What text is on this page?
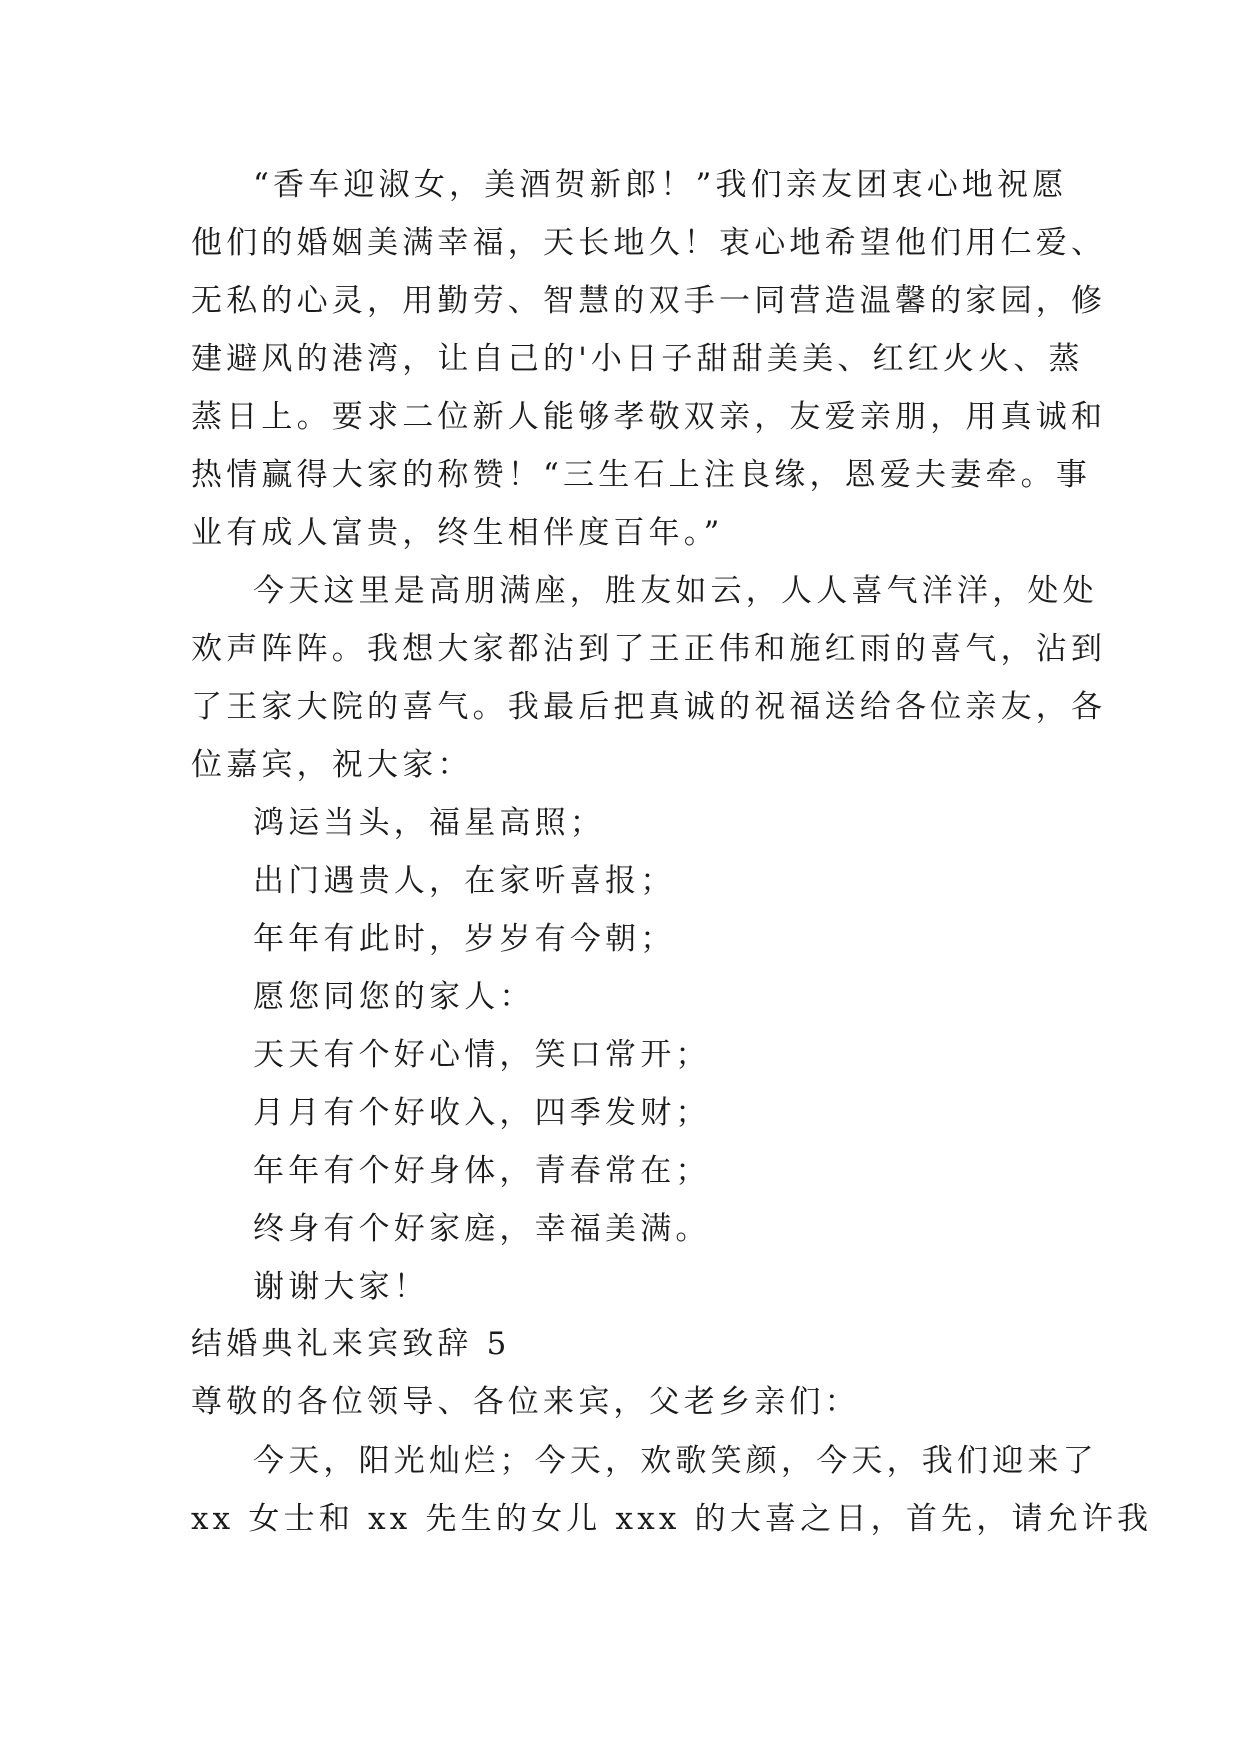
“香车迎淑女，美酒贺新郎！”我们亲友团衷心地祝愿

他们的婚姻美满幸福，天长地久！衷心地希望他们用仁爱、

无私的心灵，用勤劳、智慧的双手一同营造温馨的家园，修

建避风的港湾，让自己的'小日子甜甜美美、红红火火、蒸

蒸日上。要求二位新人能够孝敬双亲，友爱亲朋，用真诚和

热情赢得大家的称赞！“三生石上注良缘，恩爱夫妻牵。事

业有成人富贵，终生相伴度百年。”

今天这里是高朋满座，胜友如云，人人喜气洋洋，处处

欢声阵阵。我想大家都沾到了王正伟和施红雨的喜气，沾到

了王家大院的喜气。我最后把真诚的祝福送给各位亲友，各

位嘉宾，祝大家：

鸿运当头，福星高照；

出门遇贵人，在家听喜报；

年年有此时，岁岁有今朝；

愿您同您的家人：

天天有个好心情，笑口常开；

月月有个好收入，四季发财；

年年有个好身体，青春常在；

终身有个好家庭，幸福美满。

谢谢大家！

结婚典礼来宾致辞 5

尊敬的各位领导、各位来宾，父老乡亲们：

今天，阳光灿烂；今天，欢歌笑颜，今天，我们迎来了

xx 女士和 xx 先生的女儿 xxx 的大喜之日，首先，请允许我
